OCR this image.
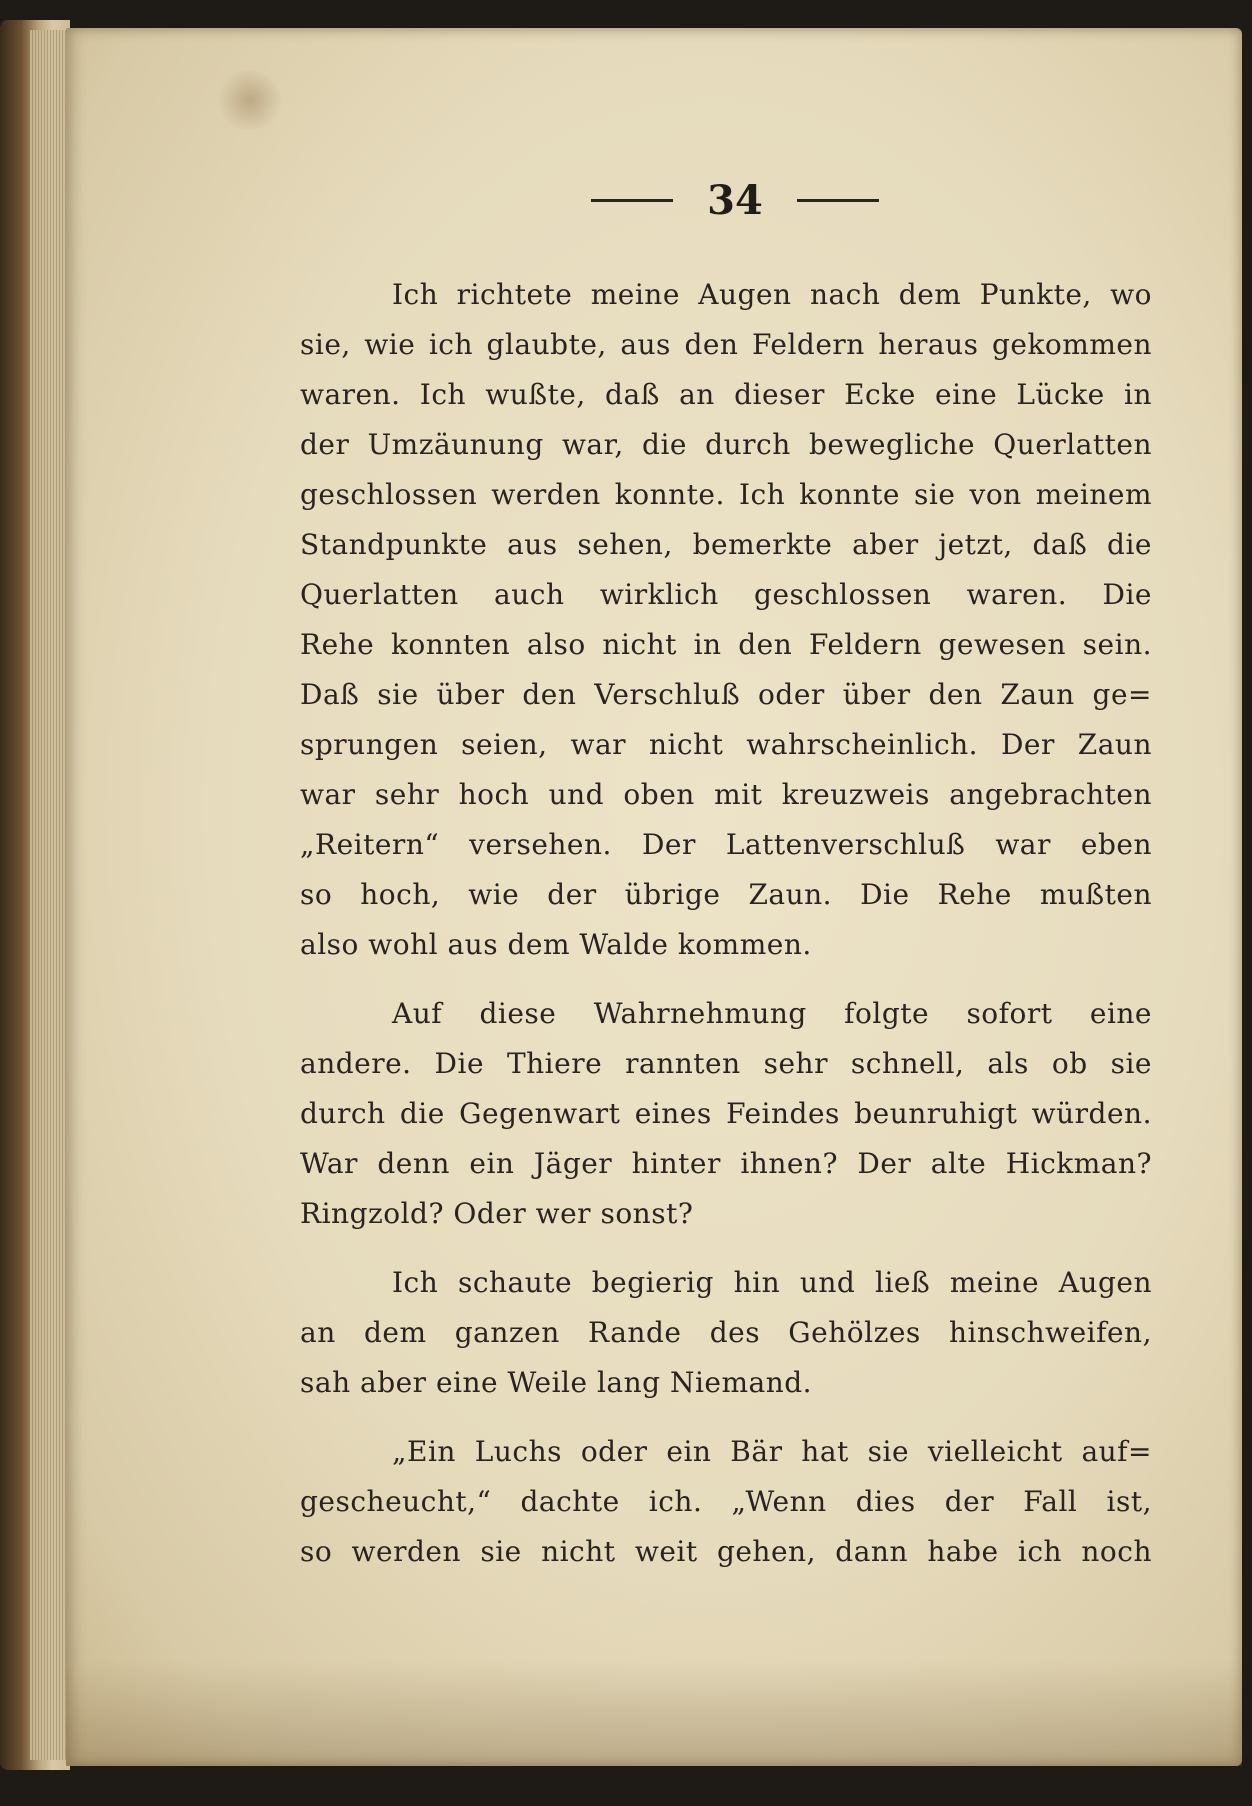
34
Ich richtete meine Augen nach dem Punkte, wo
sie, wie ich glaubte, aus den Feldern heraus gekommen
waren. Ich wußte, daß an dieser Ecke eine Lücke in
der Umzäunung war, die durch bewegliche Querlatten
geschlossen werden konnte. Ich konnte sie von meinem
Standpunkte aus sehen, bemerkte aber jetzt, daß die
Querlatten auch wirklich geschlossen waren. Die
Rehe konnten also nicht in den Feldern gewesen sein.
Daß sie über den Verschluß oder über den Zaun ge=
sprungen seien, war nicht wahrscheinlich. Der Zaun
war sehr hoch und oben mit kreuzweis angebrachten
„Reitern“ versehen. Der Lattenverschluß war eben
so hoch, wie der übrige Zaun. Die Rehe mußten
also wohl aus dem Walde kommen.
Auf diese Wahrnehmung folgte sofort eine
andere. Die Thiere rannten sehr schnell, als ob sie
durch die Gegenwart eines Feindes beunruhigt würden.
War denn ein Jäger hinter ihnen? Der alte Hickman?
Ringzold? Oder wer sonst?
Ich schaute begierig hin und ließ meine Augen
an dem ganzen Rande des Gehölzes hinschweifen,
sah aber eine Weile lang Niemand.
„Ein Luchs oder ein Bär hat sie vielleicht auf=
gescheucht,“ dachte ich. „Wenn dies der Fall ist,
so werden sie nicht weit gehen, dann habe ich noch
